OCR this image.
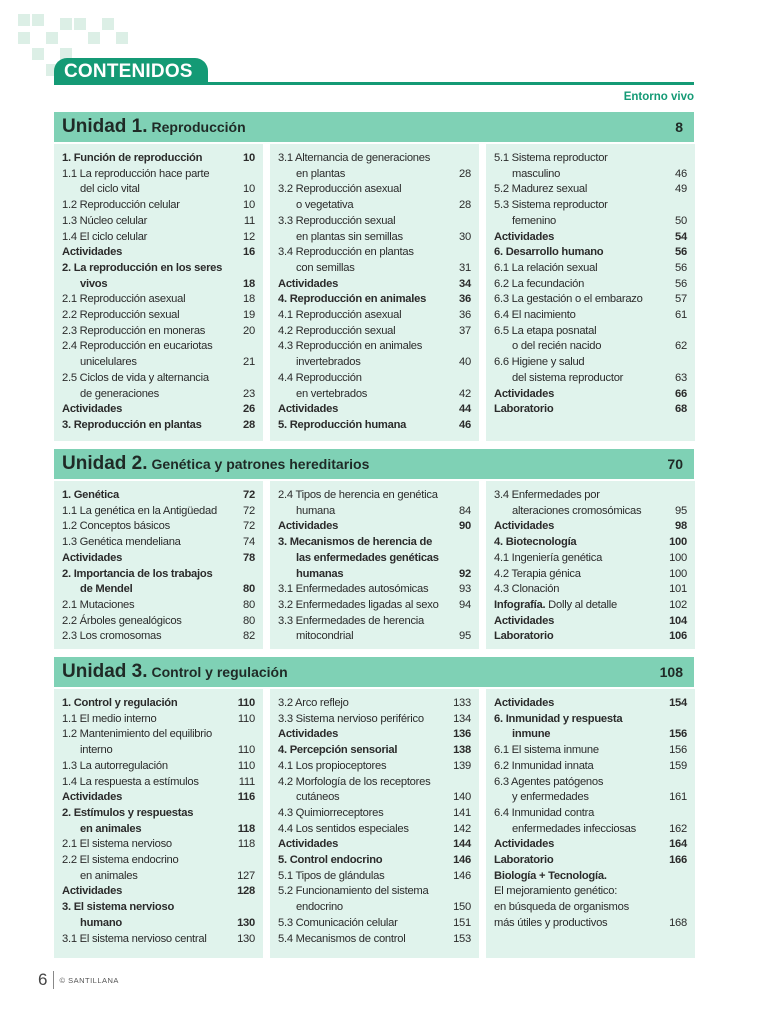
CONTENIDOS
Entorno vivo
Unidad 1. Reproducción	8
1. Función de reproducción	10
1.1 La reproducción hace parte
del ciclo vital	10
1.2 Reproducción celular	10
1.3 Núcleo celular	11
1.4 El ciclo celular	12
Actividades	16
2. La reproducción en los seres
vivos	18
2.1 Reproducción asexual	18
2.2 Reproducción sexual	19
2.3 Reproducción en moneras	20
2.4 Reproducción en eucariotas
unicelulares	21
2.5 Ciclos de vida y alternancia
de generaciones	23
Actividades	26
3. Reproducción en plantas	28
3.1 Alternancia de generaciones
en plantas	28
3.2 Reproducción asexual
o vegetativa	28
3.3 Reproducción sexual
en plantas sin semillas	30
3.4 Reproducción en plantas
con semillas	31
Actividades	34
4. Reproducción en animales	36
4.1 Reproducción asexual	36
4.2 Reproducción sexual	37
4.3 Reproducción en animales
invertebrados	40
4.4 Reproducción
en vertebrados	42
Actividades	44
5. Reproducción humana	46
5.1 Sistema reproductor
masculino	46
5.2 Madurez sexual	49
5.3 Sistema reproductor
femenino	50
Actividades	54
6. Desarrollo humano	56
6.1 La relación sexual	56
6.2 La fecundación	56
6.3 La gestación o el embarazo	57
6.4 El nacimiento	61
6.5 La etapa posnatal
o del recién nacido	62
6.6 Higiene y salud
del sistema reproductor	63
Actividades	66
Laboratorio	68
Unidad 2. Genética y patrones hereditarios	70
1. Genética	72
1.1 La genética en la Antigüedad	72
1.2 Conceptos básicos	72
1.3 Genética mendeliana	74
Actividades	78
2. Importancia de los trabajos
de Mendel	80
2.1 Mutaciones	80
2.2 Árboles genealógicos	80
2.3 Los cromosomas	82
2.4 Tipos de herencia en genética
humana	84
Actividades	90
3. Mecanismos de herencia de
las enfermedades genéticas
humanas	92
3.1 Enfermedades autosómicas	93
3.2 Enfermedades ligadas al sexo	94
3.3 Enfermedades de herencia
mitocondrial	95
3.4 Enfermedades por
alteraciones cromosómicas	95
Actividades	98
4. Biotecnología	100
4.1 Ingeniería genética	100
4.2 Terapia génica	100
4.3 Clonación	101
Infografía. Dolly al detalle	102
Actividades	104
Laboratorio	106
Unidad 3. Control y regulación	108
1. Control y regulación	110
1.1 El medio interno	110
1.2 Mantenimiento del equilibrio
interno	110
1.3 La autorregulación	110
1.4 La respuesta a estímulos	111
Actividades	116
2. Estímulos y respuestas
en animales	118
2.1 El sistema nervioso	118
2.2 El sistema endocrino
en animales	127
Actividades	128
3. El sistema nervioso
humano	130
3.1 El sistema nervioso central	130
3.2 Arco reflejo	133
3.3 Sistema nervioso periférico	134
Actividades	136
4. Percepción sensorial	138
4.1 Los propioceptores	139
4.2 Morfología de los receptores
cutáneos	140
4.3 Quimiorreceptores	141
4.4 Los sentidos especiales	142
Actividades	144
5. Control endocrino	146
5.1 Tipos de glándulas	146
5.2 Funcionamiento del sistema
endocrino	150
5.3 Comunicación celular	151
5.4 Mecanismos de control	153
Actividades	154
6. Inmunidad y respuesta
inmune	156
6.1 El sistema inmune	156
6.2 Inmunidad innata	159
6.3 Agentes patógenos
y enfermedades	161
6.4 Inmunidad contra
enfermedades infecciosas	162
Actividades	164
Laboratorio	166
Biología + Tecnología.
El mejoramiento genético:
en búsqueda de organismos
más útiles y productivos	168
6 © SANTILLANA
